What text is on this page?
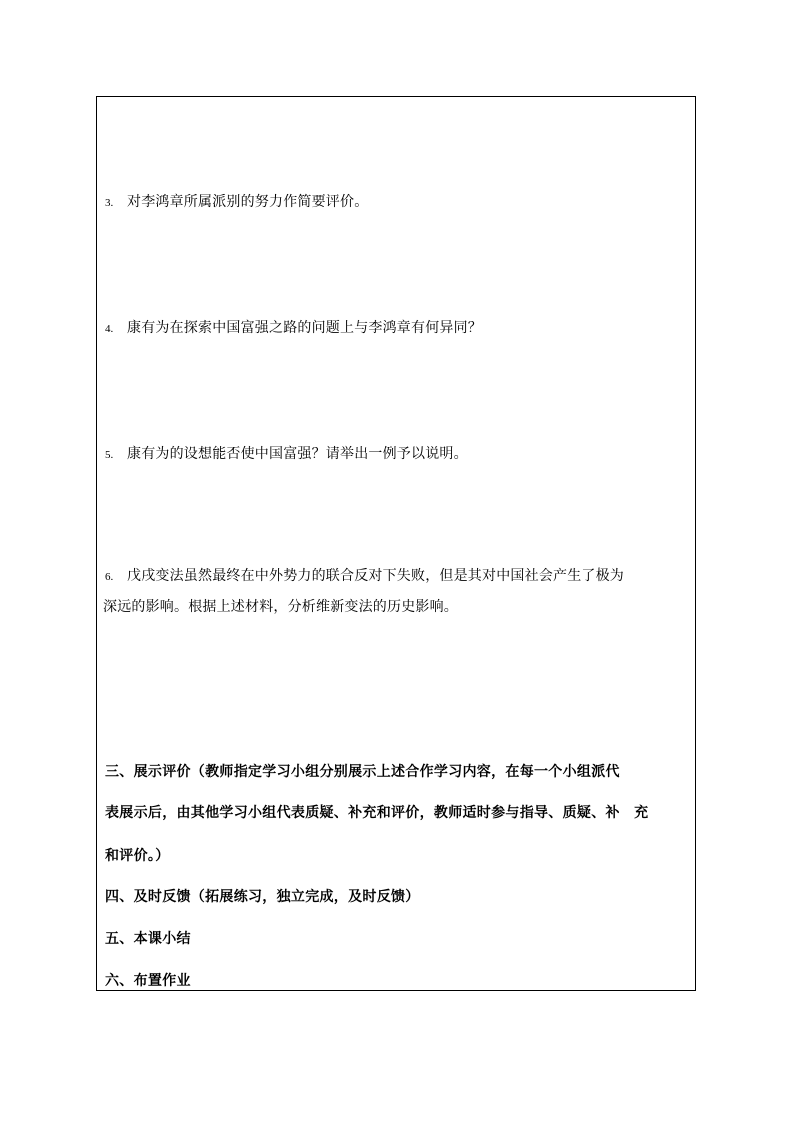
3. 对李鸿章所属派别的努力作简要评价。
4. 康有为在探索中国富强之路的问题上与李鸿章有何异同？
5. 康有为的设想能否使中国富强？请举出一例予以说明。
6. 戊戌变法虽然最终在中外势力的联合反对下失败，但是其对中国社会产生了极为
深远的影响。根据上述材料，分析维新变法的历史影响。
三、展示评价（教师指定学习小组分别展示上述合作学习内容，在每一个小组派代
表展示后，由其他学习小组代表质疑、补充和评价，教师适时参与指导、质疑、补　充
和评价。）
四、及时反馈（拓展练习，独立完成，及时反馈）
五、本课小结
六、布置作业
